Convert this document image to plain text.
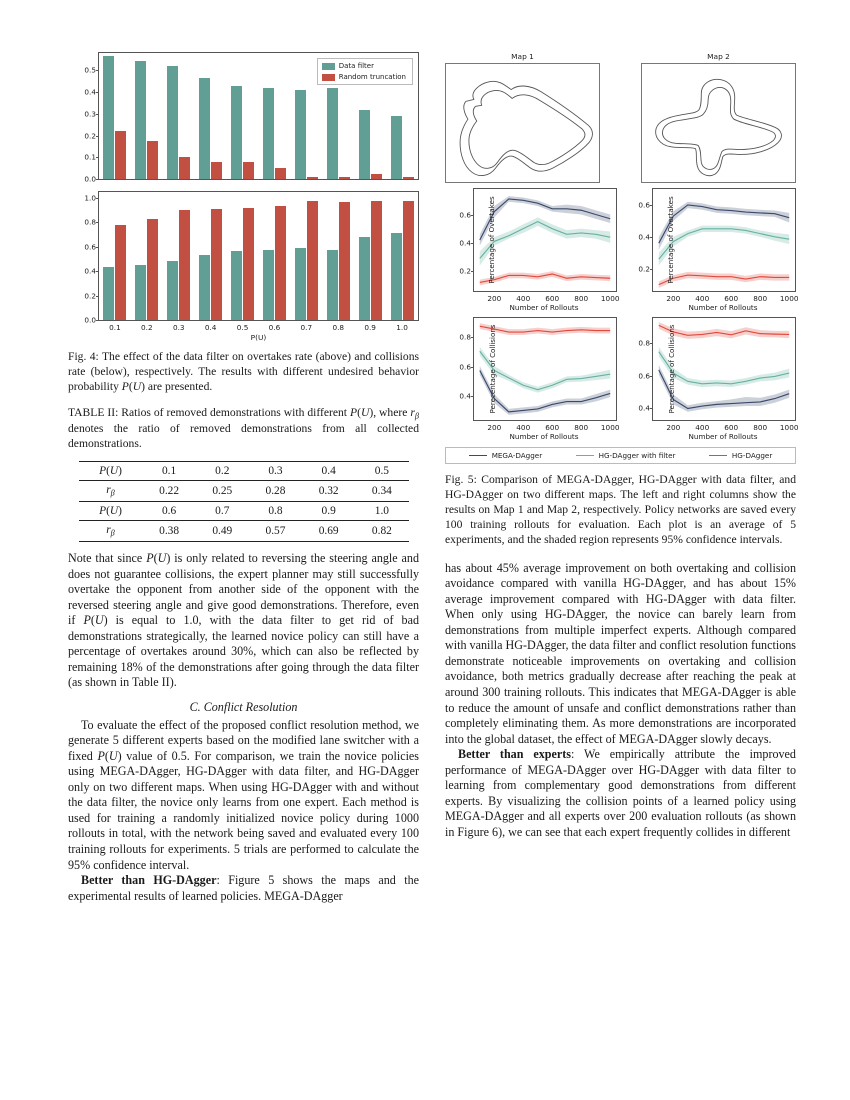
0.0
0.1
0.2
0.3
0.4
0.5	Data filter
Random truncation
0.1	0.2	0.3	0.4	0.5	0.6	0.7	0.8	0.9	1.0
0.0
0.2
0.4
0.6
0.8
1.0
P(U)
Fig. 4: The effect of the data filter on overtakes rate (above) and collisions rate (below), respectively. The results with different undesired behavior probability P(U) are presented.
TABLE II: Ratios of removed demonstrations with different P(U), where $r_\beta$ denotes the ratio of removed demonstrations from all collected demonstrations.
P(U)	0.1	0.2	0.3	0.4	0.5
$r_\beta$	0.22	0.25	0.28	0.32	0.34
P(U)	0.6	0.7	0.8	0.9	1.0
$r_\beta$	0.38	0.49	0.57	0.69	0.82

Note that since P(U) is only related to reversing the steering angle and does not guarantee collisions, the expert planner may still successfully overtake the opponent from another side of the opponent with the reversed steering angle and give good demonstrations. Therefore, even if P(U) is equal to 1.0, with the data filter to get rid of bad demonstrations strategically, the learned novice policy can still have a percentage of overtakes around 30%, which can also be reflected by remaining 18% of the demonstrations after going through the data filter (as shown in Table II).

C. Conflict Resolution

To evaluate the effect of the proposed conflict resolution method, we generate 5 different experts based on the modified lane switcher with a fixed P(U) value of 0.5. For comparison, we train the novice policies using MEGA-DAgger, HG-DAgger with data filter, and HG-DAgger only on two different maps. When using HG-DAgger with and without the data filter, the novice only learns from one expert. Each method is used for training a randomly initialized novice policy during 1000 rollouts in total, with the network being saved and evaluated every 100 training rollouts for experiments. 5 trials are performed to calculate the 95% confidence interval.

Better than HG-DAgger: Figure 5 shows the maps and the experimental results of learned policies. MEGA-DAgger

Map 1	Map 2
0.2
0.4
0.6
200 400 600 800 1000
Percentage of Overtakes
Number of Rollouts
0.2
0.4
0.6
200 400 600 800 1000
Percentage of Overtakes
Number of Rollouts
0.4
0.6
0.8
200 400 600 800 1000
Perecentage of Collisions
Number of Rollouts
0.4
0.6
0.8
200 400 600 800 1000
Perecentage of Collisions
Number of Rollouts
MEGA-DAgger	HG-DAgger with filter	HG-DAgger
Fig. 5: Comparison of MEGA-DAgger, HG-DAgger with data filter, and HG-DAgger on two different maps. The left and right columns show the results on Map 1 and Map 2, respectively. Policy networks are saved every 100 training rollouts for evaluation. Each plot is an average of 5 experiments, and the shaded region represents 95% confidence intervals.

has about 45% average improvement on both overtaking and collision avoidance compared with vanilla HG-DAgger, and has about 15% average improvement compared with HG-DAgger with data filter. When only using HG-DAgger, the novice can barely learn from demonstrations from multiple imperfect experts. Although compared with vanilla HG-DAgger, the data filter and conflict resolution functions demonstrate noticeable improvements on overtaking and collision avoidance, both metrics gradually decrease after reaching the peak at around 300 training rollouts. This indicates that MEGA-DAgger is able to reduce the amount of unsafe and conflict demonstrations rather than completely eliminating them. As more demonstrations are incorporated into the global dataset, the effect of MEGA-DAgger slowly decays.

Better than experts: We empirically attribute the improved performance of MEGA-DAgger over HG-DAgger with data filter to learning from complementary good demonstrations from different experts. By visualizing the collision points of a learned policy using MEGA-DAgger and all experts over 200 evaluation rollouts (as shown in Figure 6), we can see that each expert frequently collides in different
